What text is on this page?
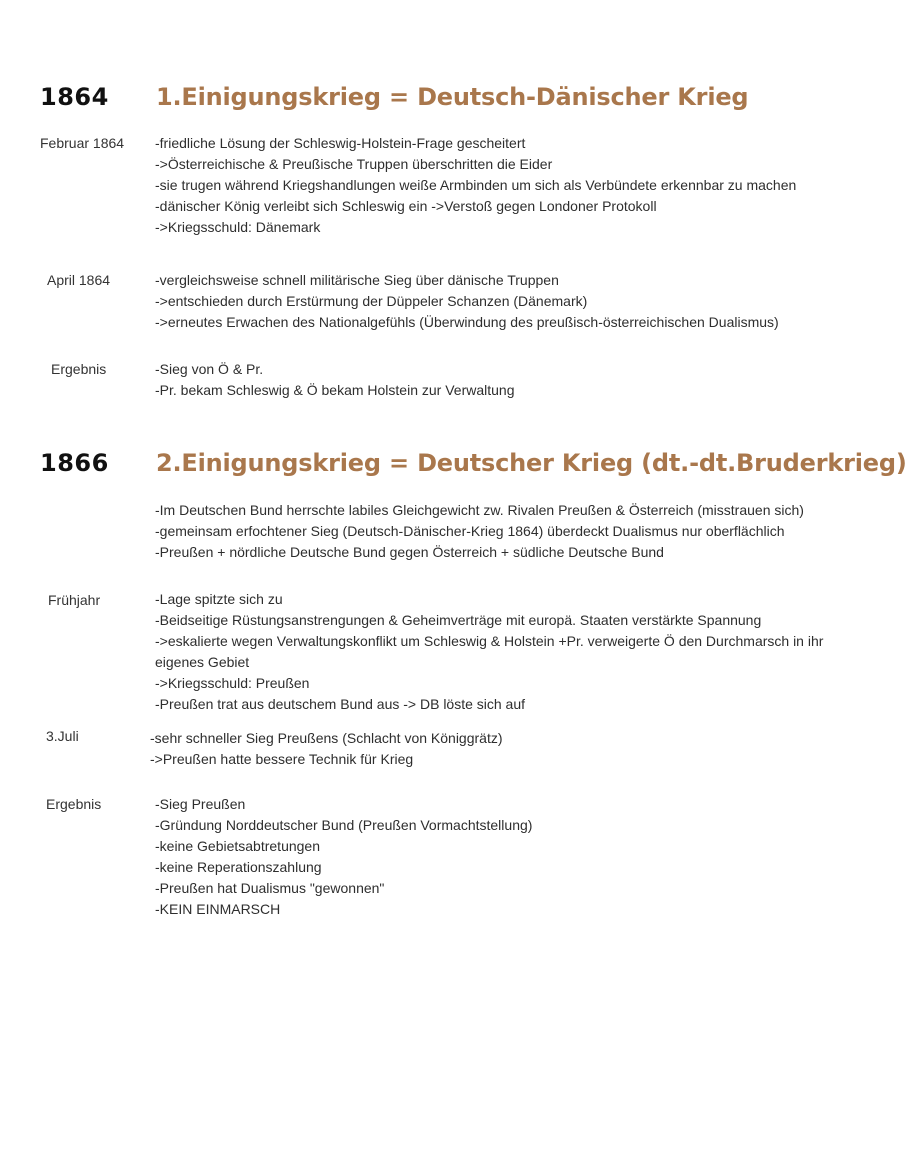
1864 1.Einigungskrieg = Deutsch-Dänischer Krieg
Februar 1864 -friedliche Lösung der Schleswig-Holstein-Frage gescheitert
->Österreichische & Preußische Truppen überschritten die Eider
-sie trugen während Kriegshandlungen weiße Armbinden um sich als Verbündete erkennbar zu machen
-dänischer König verleibt sich Schleswig ein ->Verstoß gegen Londoner Protokoll
->Kriegsschuld: Dänemark
April 1864	-vergleichsweise schnell militärische Sieg über dänische Truppen
->entschieden durch Erstürmung der Düppeler Schanzen (Dänemark)
->erneutes Erwachen des Nationalgefühls (Überwindung des preußisch-österreichischen Dualismus)
Ergebnis	-Sieg von Ö & Pr.
-Pr. bekam Schleswig & Ö bekam Holstein zur Verwaltung
1866 2.Einigungskrieg = Deutscher Krieg (dt.-dt.Bruderkrieg)
-Im Deutschen Bund herrschte labiles Gleichgewicht zw. Rivalen Preußen & Österreich (misstrauen sich)
-gemeinsam erfochtener Sieg (Deutsch-Dänischer-Krieg 1864) überdeckt Dualismus nur oberflächlich
-Preußen + nördliche Deutsche Bund gegen Österreich + südliche Deutsche Bund
Frühjahr	-Lage spitzte sich zu
-Beidseitige Rüstungsanstrengungen & Geheimverträge mit europä. Staaten verstärkte Spannung
->eskalierte wegen Verwaltungskonflikt um Schleswig & Holstein +Pr. verweigerte Ö den Durchmarsch in ihr
eigenes Gebiet
->Kriegsschuld: Preußen
-Preußen trat aus deutschem Bund aus -> DB löste sich auf
3.Juli	-sehr schneller Sieg Preußens (Schlacht von Königgrätz)
->Preußen hatte bessere Technik für Krieg
Ergebnis	-Sieg Preußen
-Gründung Norddeutscher Bund (Preußen Vormachtstellung)
-keine Gebietsabtretungen
-keine Reperationszahlung
-Preußen hat Dualismus "gewonnen"
-KEIN EINMARSCH
